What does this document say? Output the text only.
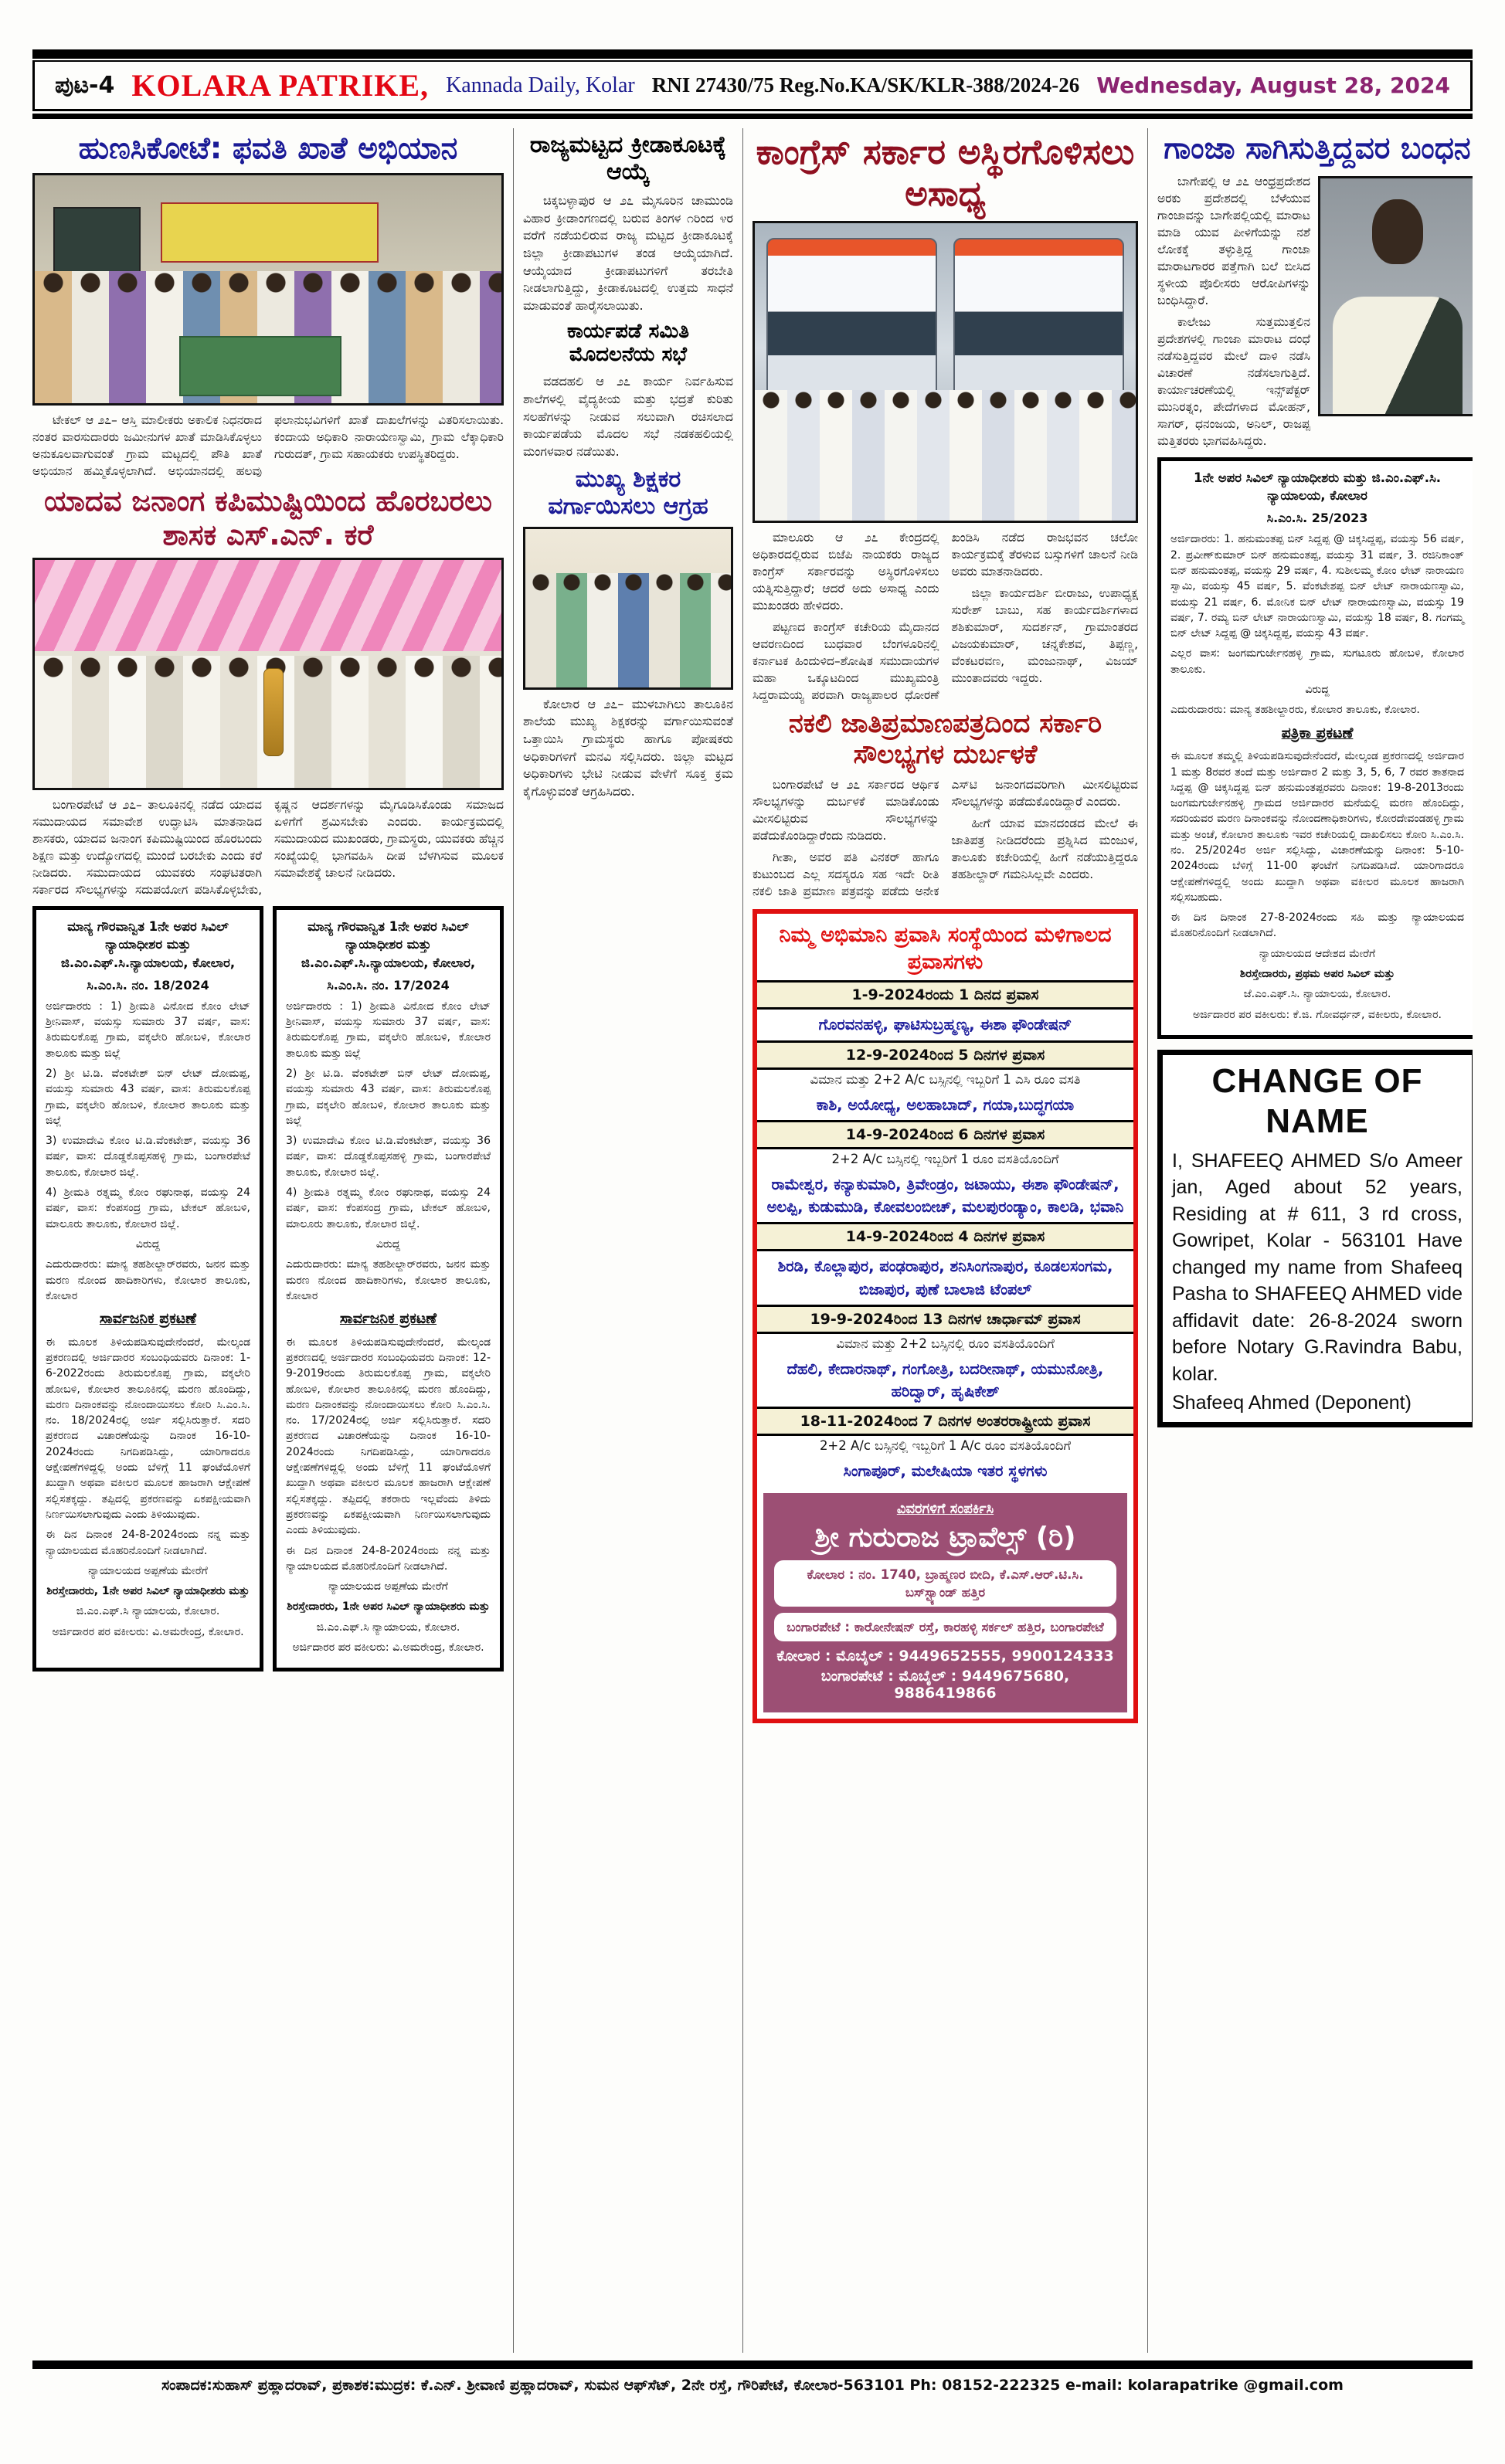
ಪುಟ-4 KOLARA PATRIKE, Kannada Daily, Kolar RNI 27430/75 Reg.No.KA/SK/KLR-388/2024-26 Wednesday, August 28, 2024
ಹುಣಸಿಕೋಟೆ: ಫವತಿ ಖಾತೆ ಅಭಿಯಾನ

ಟೇಕಲ್ ಆ ೨೭– ಆಸ್ತಿ ಮಾಲೀಕರು ಅಕಾಲಿಕ ನಿಧನರಾದ ನಂತರ ವಾರಸುದಾರರು ಜಮೀನುಗಳ ಖಾತೆ ಮಾಡಿಸಿಕೊಳ್ಳಲು ಅನುಕೂಲವಾಗುವಂತೆ ಗ್ರಾಮ ಮಟ್ಟದಲ್ಲಿ ಪೌತಿ ಖಾತೆ ಅಭಿಯಾನ ಹಮ್ಮಿಕೊಳ್ಳಲಾಗಿದೆ. ಅಭಿಯಾನದಲ್ಲಿ ಹಲವು ಫಲಾನುಭವಿಗಳಿಗೆ ಖಾತೆ ದಾಖಲೆಗಳನ್ನು ವಿತರಿಸಲಾಯಿತು. ಕಂದಾಯ ಅಧಿಕಾರಿ ನಾರಾಯಣಸ್ವಾಮಿ, ಗ್ರಾಮ ಲೆಕ್ಕಾಧಿಕಾರಿ ಗುರುದತ್, ಗ್ರಾಮ ಸಹಾಯಕರು ಉಪಸ್ಥಿತರಿದ್ದರು.

ಯಾದವ ಜನಾಂಗ ಕಪಿಮುಷ್ಟಿಯಿಂದ ಹೊರಬರಲು ಶಾಸಕ ಎಸ್.ಎನ್. ಕರೆ

ಬಂಗಾರಪೇಟೆ ಆ ೨೭– ತಾಲೂಕಿನಲ್ಲಿ ನಡೆದ ಯಾದವ ಸಮುದಾಯದ ಸಮಾವೇಶ ಉದ್ಘಾಟಿಸಿ ಮಾತನಾಡಿದ ಶಾಸಕರು, ಯಾದವ ಜನಾಂಗ ಕಪಿಮುಷ್ಟಿಯಿಂದ ಹೊರಬಂದು ಶಿಕ್ಷಣ ಮತ್ತು ಉದ್ಯೋಗದಲ್ಲಿ ಮುಂದೆ ಬರಬೇಕು ಎಂದು ಕರೆ ನೀಡಿದರು. ಸಮುದಾಯದ ಯುವಕರು ಸಂಘಟಿತರಾಗಿ ಸರ್ಕಾರದ ಸೌಲಭ್ಯಗಳನ್ನು ಸದುಪಯೋಗ ಪಡಿಸಿಕೊಳ್ಳಬೇಕು, ಕೃಷ್ಣನ ಆದರ್ಶಗಳನ್ನು ಮೈಗೂಡಿಸಿಕೊಂಡು ಸಮಾಜದ ಏಳಿಗೆಗೆ ಶ್ರಮಿಸಬೇಕು ಎಂದರು. ಕಾರ್ಯಕ್ರಮದಲ್ಲಿ ಸಮುದಾಯದ ಮುಖಂಡರು, ಗ್ರಾಮಸ್ಥರು, ಯುವಕರು ಹೆಚ್ಚಿನ ಸಂಖ್ಯೆಯಲ್ಲಿ ಭಾಗವಹಿಸಿ ದೀಪ ಬೆಳಗಿಸುವ ಮೂಲಕ ಸಮಾವೇಶಕ್ಕೆ ಚಾಲನೆ ನೀಡಿದರು.

ಮಾನ್ಯ ಗೌರವಾನ್ವಿತ 1ನೇ ಅಪರ ಸಿವಿಲ್ ನ್ಯಾಯಾಧೀಶರ ಮತ್ತು ಜಿ.ಎಂ.ಎಫ್.ಸಿ.ನ್ಯಾಯಾಲಯ, ಕೋಲಾರ,

ಸಿ.ಎಂ.ಸಿ. ನಂ. 18/2024

ಅರ್ಜಿದಾರರು : 1) ಶ್ರೀಮತಿ ವಿನೋದ ಕೋಂ ಲೇಟ್ ಶ್ರೀನಿವಾಸ್, ವಯಸ್ಸು ಸುಮಾರು 37 ವರ್ಷ, ವಾಸ: ತಿರುಮಲಕೊಪ್ಪ ಗ್ರಾಮ, ವಕ್ಕಲೇರಿ ಹೋಬಳಿ, ಕೋಲಾರ ತಾಲೂಕು ಮತ್ತು ಜಿಲ್ಲೆ

2) ಶ್ರೀ ಟಿ.ಡಿ. ವೆಂಕಟೇಶ್ ಬಿನ್ ಲೇಟ್ ದೋಮಪ್ಪ, ವಯಸ್ಸು ಸುಮಾರು 43 ವರ್ಷ, ವಾಸ: ತಿರುಮಲಕೊಪ್ಪ ಗ್ರಾಮ, ವಕ್ಕಲೇರಿ ಹೋಬಳಿ, ಕೋಲಾರ ತಾಲೂಕು ಮತ್ತು ಜಿಲ್ಲೆ

3) ಉಮಾದೇವಿ ಕೋಂ ಟಿ.ಡಿ.ವೆಂಕಟೇಶ್, ವಯಸ್ಸು 36 ವರ್ಷ, ವಾಸ: ದೊಡ್ಡಕೊಪ್ಪಸಹಳ್ಳಿ ಗ್ರಾಮ, ಬಂಗಾರಪೇಟೆ ತಾಲೂಕು, ಕೋಲಾರ ಜಿಲ್ಲೆ.

4) ಶ್ರೀಮತಿ ರತ್ನಮ್ಮ ಕೋಂ ರಘುನಾಥ, ವಯಸ್ಸು 24 ವರ್ಷ, ವಾಸ: ಕೆಂಪಸಂದ್ರ ಗ್ರಾಮ, ಟೇಕಲ್ ಹೋಬಳಿ, ಮಾಲೂರು ತಾಲೂಕು, ಕೋಲಾರ ಜಿಲ್ಲೆ.

ವಿರುದ್ದ

ಎದುರುದಾರರು: ಮಾನ್ಯ ತಹಶೀಲ್ದಾರ್‌ರವರು, ಜನನ ಮತ್ತು ಮರಣ ನೋಂದ ಹಾದಿಕಾರಿಗಳು, ಕೋಲಾರ ತಾಲೂಕು, ಕೋಲಾರ

ಸಾರ್ವಜನಿಕ ಪ್ರಕಟಣೆ

ಈ ಮೂಲಕ ತಿಳಿಯಪಡಿಸುವುದೇನೆಂದರೆ, ಮೇಲ್ಕಂಡ ಪ್ರಕರಣದಲ್ಲಿ ಅರ್ಜಿದಾರರ ಸಂಬಂಧಿಯವರು ದಿನಾಂಕ: 1-6-2022ರಂದು ತಿರುಮಲಕೊಪ್ಪ ಗ್ರಾಮ, ವಕ್ಕಲೇರಿ ಹೋಬಳಿ, ಕೋಲಾರ ತಾಲೂಕಿನಲ್ಲಿ ಮರಣ ಹೊಂದಿದ್ದು, ಮರಣ ದಿನಾಂಕವನ್ನು ನೋಂದಾಯಿಸಲು ಕೋರಿ ಸಿ.ಎಂ.ಸಿ. ನಂ. 18/2024ರಲ್ಲಿ ಅರ್ಜಿ ಸಲ್ಲಿಸಿರುತ್ತಾರೆ. ಸದರಿ ಪ್ರಕರಣದ ವಿಚಾರಣೆಯನ್ನು ದಿನಾಂಕ 16-10-2024ರಂದು ನಿಗದಿಪಡಿಸಿದ್ದು, ಯಾರಿಗಾದರೂ ಆಕ್ಷೇಪಣೆಗಳಿದ್ದಲ್ಲಿ ಅಂದು ಬೆಳಿಗ್ಗೆ 11 ಘಂಟೆಯೊಳಗೆ ಖುದ್ದಾಗಿ ಅಥವಾ ವಕೀಲರ ಮೂಲಕ ಹಾಜರಾಗಿ ಆಕ್ಷೇಪಣೆ ಸಲ್ಲಿಸತಕ್ಕದ್ದು. ತಪ್ಪಿದಲ್ಲಿ ಪ್ರಕರಣವನ್ನು ಏಕಪಕ್ಷೀಯವಾಗಿ ನಿರ್ಣಯಿಸಲಾಗುವುದು ಎಂದು ತಿಳಿಯುವುದು.

ಈ ದಿನ ದಿನಾಂಕ 24-8-2024ರಂದು ನನ್ನ ಮತ್ತು ನ್ಯಾಯಾಲಯದ ಮೊಹರಿನೊಂದಿಗೆ ನೀಡಲಾಗಿದೆ.

ನ್ಯಾಯಾಲಯದ ಅಪ್ಪಣೆಯ ಮೇರೆಗೆ

ಶಿರಸ್ತೇದಾರರು, 1ನೇ ಅಪರ ಸಿವಿಲ್ ನ್ಯಾಯಾಧೀಶರು ಮತ್ತು

ಜಿ.ಎಂ.ಎಫ್.ಸಿ ನ್ಯಾಯಾಲಯ, ಕೋಲಾರ.

ಅರ್ಜಿದಾರರ ಪರ ವಕೀಲರು: ವಿ.ಅಮರೇಂದ್ರ, ಕೋಲಾರ.

ಮಾನ್ಯ ಗೌರವಾನ್ವಿತ 1ನೇ ಅಪರ ಸಿವಿಲ್ ನ್ಯಾಯಾಧೀಶರ ಮತ್ತು ಜಿ.ಎಂ.ಎಫ್.ಸಿ.ನ್ಯಾಯಾಲಯ, ಕೋಲಾರ,

ಸಿ.ಎಂ.ಸಿ. ನಂ. 17/2024

ಅರ್ಜಿದಾರರು : 1) ಶ್ರೀಮತಿ ವಿನೋದ ಕೋಂ ಲೇಟ್ ಶ್ರೀನಿವಾಸ್, ವಯಸ್ಸು ಸುಮಾರು 37 ವರ್ಷ, ವಾಸ: ತಿರುಮಲಕೊಪ್ಪ ಗ್ರಾಮ, ವಕ್ಕಲೇರಿ ಹೋಬಳಿ, ಕೋಲಾರ ತಾಲೂಕು ಮತ್ತು ಜಿಲ್ಲೆ

2) ಶ್ರೀ ಟಿ.ಡಿ. ವೆಂಕಟೇಶ್ ಬಿನ್ ಲೇಟ್ ದೋಮಪ್ಪ, ವಯಸ್ಸು ಸುಮಾರು 43 ವರ್ಷ, ವಾಸ: ತಿರುಮಲಕೊಪ್ಪ ಗ್ರಾಮ, ವಕ್ಕಲೇರಿ ಹೋಬಳಿ, ಕೋಲಾರ ತಾಲೂಕು ಮತ್ತು ಜಿಲ್ಲೆ

3) ಉಮಾದೇವಿ ಕೋಂ ಟಿ.ಡಿ.ವೆಂಕಟೇಶ್, ವಯಸ್ಸು 36 ವರ್ಷ, ವಾಸ: ದೊಡ್ಡಕೊಪ್ಪಸಹಳ್ಳಿ ಗ್ರಾಮ, ಬಂಗಾರಪೇಟೆ ತಾಲೂಕು, ಕೋಲಾರ ಜಿಲ್ಲೆ.

4) ಶ್ರೀಮತಿ ರತ್ನಮ್ಮ ಕೋಂ ರಘುನಾಥ, ವಯಸ್ಸು 24 ವರ್ಷ, ವಾಸ: ಕೆಂಪಸಂದ್ರ ಗ್ರಾಮ, ಟೇಕಲ್ ಹೋಬಳಿ, ಮಾಲೂರು ತಾಲೂಕು, ಕೋಲಾರ ಜಿಲ್ಲೆ.

ವಿರುದ್ದ

ಎದುರುದಾರರು: ಮಾನ್ಯ ತಹಶೀಲ್ದಾರ್‌ರವರು, ಜನನ ಮತ್ತು ಮರಣ ನೋಂದ ಹಾದಿಕಾರಿಗಳು, ಕೋಲಾರ ತಾಲೂಕು, ಕೋಲಾರ

ಸಾರ್ವಜನಿಕ ಪ್ರಕಟಣೆ

ಈ ಮೂಲಕ ತಿಳಿಯಪಡಿಸುವುದೇನೆಂದರೆ, ಮೇಲ್ಕಂಡ ಪ್ರಕರಣದಲ್ಲಿ ಅರ್ಜಿದಾರರ ಸಂಬಂಧಿಯವರು ದಿನಾಂಕ: 12-9-2019ರಂದು ತಿರುಮಲಕೊಪ್ಪ ಗ್ರಾಮ, ವಕ್ಕಲೇರಿ ಹೋಬಳಿ, ಕೋಲಾರ ತಾಲೂಕಿನಲ್ಲಿ ಮರಣ ಹೊಂದಿದ್ದು, ಮರಣ ದಿನಾಂಕವನ್ನು ನೋಂದಾಯಿಸಲು ಕೋರಿ ಸಿ.ಎಂ.ಸಿ. ನಂ. 17/2024ರಲ್ಲಿ ಅರ್ಜಿ ಸಲ್ಲಿಸಿರುತ್ತಾರೆ. ಸದರಿ ಪ್ರಕರಣದ ವಿಚಾರಣೆಯನ್ನು ದಿನಾಂಕ 16-10-2024ರಂದು ನಿಗದಿಪಡಿಸಿದ್ದು, ಯಾರಿಗಾದರೂ ಆಕ್ಷೇಪಣೆಗಳಿದ್ದಲ್ಲಿ ಅಂದು ಬೆಳಿಗ್ಗೆ 11 ಘಂಟೆಯೊಳಗೆ ಖುದ್ದಾಗಿ ಅಥವಾ ವಕೀಲರ ಮೂಲಕ ಹಾಜರಾಗಿ ಆಕ್ಷೇಪಣೆ ಸಲ್ಲಿಸತಕ್ಕದ್ದು. ತಪ್ಪಿದಲ್ಲಿ ತಕರಾರು ಇಲ್ಲವೆಂದು ತಿಳಿದು ಪ್ರಕರಣವನ್ನು ಏಕಪಕ್ಷೀಯವಾಗಿ ನಿರ್ಣಯಿಸಲಾಗುವುದು ಎಂದು ತಿಳಿಯುವುದು.

ಈ ದಿನ ದಿನಾಂಕ 24-8-2024ರಂದು ನನ್ನ ಮತ್ತು ನ್ಯಾಯಾಲಯದ ಮೊಹರಿನೊಂದಿಗೆ ನೀಡಲಾಗಿದೆ.

ನ್ಯಾಯಾಲಯದ ಅಪ್ಪಣೆಯ ಮೇರೆಗೆ

ಶಿರಸ್ತೇದಾರರು, 1ನೇ ಅಪರ ಸಿವಿಲ್ ನ್ಯಾಯಾಧೀಶರು ಮತ್ತು

ಜಿ.ಎಂ.ಎಫ್.ಸಿ ನ್ಯಾಯಾಲಯ, ಕೋಲಾರ.

ಅರ್ಜಿದಾರರ ಪರ ವಕೀಲರು: ವಿ.ಅಮರೇಂದ್ರ, ಕೋಲಾರ.

ರಾಜ್ಯಮಟ್ಟದ ಕ್ರೀಡಾಕೂಟಕ್ಕೆ ಆಯ್ಕೆ

ಚಿಕ್ಕಬಳ್ಳಾಪುರ ಆ ೨೭ ಮೈಸೂರಿನ ಚಾಮುಂಡಿ ವಿಹಾರ ಕ್ರೀಡಾಂಗಣದಲ್ಲಿ ಬರುವ ತಿಂಗಳ ೧ರಿಂದ ೪ರ ವರೆಗೆ ನಡೆಯಲಿರುವ ರಾಜ್ಯ ಮಟ್ಟದ ಕ್ರೀಡಾಕೂಟಕ್ಕೆ ಜಿಲ್ಲಾ ಕ್ರೀಡಾಪಟುಗಳ ತಂಡ ಆಯ್ಕೆಯಾಗಿದೆ. ಆಯ್ಕೆಯಾದ ಕ್ರೀಡಾಪಟುಗಳಿಗೆ ತರಬೇತಿ ನೀಡಲಾಗುತ್ತಿದ್ದು, ಕ್ರೀಡಾಕೂಟದಲ್ಲಿ ಉತ್ತಮ ಸಾಧನೆ ಮಾಡುವಂತೆ ಹಾರೈಸಲಾಯಿತು.

ಕಾರ್ಯಪಡೆ ಸಮಿತಿ ಮೊದಲನೆಯ ಸಭೆ

ವಡದಹಲಿ ಆ ೨೭ ಕಾರ್ಯ ನಿರ್ವಹಿಸುವ ಶಾಲೆಗಳಲ್ಲಿ ವೈದ್ಯಕೀಯ ಮತ್ತು ಭದ್ರತೆ ಕುರಿತು ಸಲಹೆಗಳನ್ನು ನೀಡುವ ಸಲುವಾಗಿ ರಚಿಸಲಾದ ಕಾರ್ಯಪಡೆಯ ಮೊದಲ ಸಭೆ ನಡಕಹಲಿಯಲ್ಲಿ ಮಂಗಳವಾರ ನಡೆಯಿತು.

ಮುಖ್ಯ ಶಿಕ್ಷಕರ ವರ್ಗಾಯಿಸಲು ಆಗ್ರಹ

ಕೋಲಾರ ಆ ೨೭– ಮುಳಬಾಗಿಲು ತಾಲೂಕಿನ ಶಾಲೆಯ ಮುಖ್ಯ ಶಿಕ್ಷಕರನ್ನು ವರ್ಗಾಯಿಸುವಂತೆ ಒತ್ತಾಯಿಸಿ ಗ್ರಾಮಸ್ಥರು ಹಾಗೂ ಪೋಷಕರು ಅಧಿಕಾರಿಗಳಿಗೆ ಮನವಿ ಸಲ್ಲಿಸಿದರು. ಜಿಲ್ಲಾ ಮಟ್ಟದ ಅಧಿಕಾರಿಗಳು ಭೇಟಿ ನೀಡುವ ವೇಳೆಗೆ ಸೂಕ್ತ ಕ್ರಮ ಕೈಗೊಳ್ಳುವಂತೆ ಆಗ್ರಹಿಸಿದರು.

ಕಾಂಗ್ರೆಸ್ ಸರ್ಕಾರ ಅಸ್ಥಿರಗೊಳಿಸಲು ಅಸಾಧ್ಯ

ಮಾಲೂರು ಆ ೨೭ ಕೇಂದ್ರದಲ್ಲಿ ಅಧಿಕಾರದಲ್ಲಿರುವ ಬಿಜೆಪಿ ನಾಯಕರು ರಾಜ್ಯದ ಕಾಂಗ್ರೆಸ್ ಸರ್ಕಾರವನ್ನು ಅಸ್ಥಿರಗೊಳಿಸಲು ಯತ್ನಿಸುತ್ತಿದ್ದಾರೆ; ಆದರೆ ಅದು ಅಸಾಧ್ಯ ಎಂದು ಮುಖಂಡರು ಹೇಳಿದರು.

ಪಟ್ಟಣದ ಕಾಂಗ್ರೆಸ್ ಕಚೇರಿಯ ಮೈದಾನದ ಆವರಣದಿಂದ ಬುಧವಾರ ಬೆಂಗಳೂರಿನಲ್ಲಿ ಕರ್ನಾಟಕ ಹಿಂದುಳಿದ–ಶೋಷಿತ ಸಮುದಾಯಗಳ ಮಹಾ ಒಕ್ಕೂಟದಿಂದ ಮುಖ್ಯಮಂತ್ರಿ ಸಿದ್ದರಾಮಯ್ಯ ಪರವಾಗಿ ರಾಜ್ಯಪಾಲರ ಧೋರಣೆ ಖಂಡಿಸಿ ನಡೆದ ರಾಜಭವನ ಚಲೋ ಕಾರ್ಯಕ್ರಮಕ್ಕೆ ತೆರಳುವ ಬಸ್ಸುಗಳಿಗೆ ಚಾಲನೆ ನೀಡಿ ಅವರು ಮಾತನಾಡಿದರು.

ಜಿಲ್ಲಾ ಕಾರ್ಯದರ್ಶಿ ಬೀರಾಜು, ಉಪಾಧ್ಯಕ್ಷ ಸುರೇಶ್ ಬಾಬು, ಸಹ ಕಾರ್ಯದರ್ಶಿಗಳಾದ ಶಶಿಕುಮಾರ್, ಸುದರ್ಶನ್, ಗ್ರಾಮಾಂತರದ ವಿಜಯಕುಮಾರ್, ಚನ್ನಕೇಶವ, ತಿಪ್ಪಣ್ಣ, ವೆಂಕಟರವಣ, ಮಂಜುನಾಥ್, ವಿಜಯ್ ಮುಂತಾದವರು ಇದ್ದರು.

ನಕಲಿ ಜಾತಿಪ್ರಮಾಣಪತ್ರದಿಂದ ಸರ್ಕಾರಿ ಸೌಲಭ್ಯಗಳ ದುರ್ಬಳಕೆ

ಬಂಗಾರಪೇಟೆ ಆ ೨೭ ಸರ್ಕಾರದ ಆರ್ಥಿಕ ಸೌಲಭ್ಯಗಳನ್ನು ದುರ್ಬಳಕೆ ಮಾಡಿಕೊಂಡು ಮೀಸಲಿಟ್ಟಿರುವ ಸೌಲಭ್ಯಗಳನ್ನು ಪಡೆದುಕೊಂಡಿದ್ದಾರೆಂದು ನುಡಿದರು.

ಗೀತಾ, ಅವರ ಪತಿ ವಿನಕರ್ ಹಾಗೂ ಕುಟುಂಬದ ಎಲ್ಲ ಸದಸ್ಯರೂ ಸಹ ಇದೇ ರೀತಿ ನಕಲಿ ಜಾತಿ ಪ್ರಮಾಣ ಪತ್ರವನ್ನು ಪಡೆದು ಅನೇಕ ಎಸ್‌ಟಿ ಜನಾಂಗದವರಿಗಾಗಿ ಮೀಸಲಿಟ್ಟಿರುವ ಸೌಲಭ್ಯಗಳನ್ನು ಪಡೆದುಕೊಂಡಿದ್ದಾರೆ ಎಂದರು.

ಹೀಗೆ ಯಾವ ಮಾನದಂಡದ ಮೇಲೆ ಈ ಜಾತಿಪತ್ರ ನೀಡಿದರೆಂದು ಪ್ರಶ್ನಿಸಿದ ಮಂಜುಳ, ತಾಲೂಕು ಕಚೇರಿಯಲ್ಲಿ ಹೀಗೆ ನಡೆಯುತ್ತಿದ್ದರೂ ತಹಶೀಲ್ದಾರ್ ಗಮನಿಸಿಲ್ಲವೇ ಎಂದರು.

ನಿಮ್ಮ ಅಭಿಮಾನಿ ಪ್ರವಾಸಿ ಸಂಸ್ಥೆಯಿಂದ ಮಳಿಗಾಲದ ಪ್ರವಾಸಗಳು
1-9-2024ರಂದು 1 ದಿನದ ಪ್ರವಾಸ
ಗೊರವನಹಳ್ಳಿ, ಘಾಟಿಸುಬ್ರಹ್ಮಣ್ಯ, ಈಶಾ ಫೌಂಡೇಷನ್
12-9-2024ರಿಂದ 5 ದಿನಗಳ ಪ್ರವಾಸ
ವಿಮಾನ ಮತ್ತು 2+2 A/c ಬಸ್ಸಿನಲ್ಲಿ ಇಬ್ಬರಿಗೆ 1 ಎಸಿ ರೂಂ ವಸತಿ
ಕಾಶಿ, ಅಯೋಧ್ಯ, ಅಲಹಾಬಾದ್, ಗಯಾ,ಬುದ್ಧಗಯಾ
14-9-2024ರಿಂದ 6 ದಿನಗಳ ಪ್ರವಾಸ
2+2 A/c ಬಸ್ಸಿನಲ್ಲಿ ಇಬ್ಬರಿಗೆ 1 ರೂಂ ವಸತಿಯೊಂದಿಗೆ
ರಾಮೇಶ್ವರ, ಕನ್ಯಾಕುಮಾರಿ, ತ್ರಿವೇಂಡ್ರಂ, ಜಟಾಯು, ಈಶಾ ಫೌಂಡೇಷನ್, ಅಲಪ್ಪಿ, ಕುಡುಮುಡಿ, ಕೋವಲಂಬೀಚ್, ಮಲಪುರಂಡ್ಯಾಂ, ಕಾಲಡಿ, ಭವಾನಿ
14-9-2024ರಿಂದ 4 ದಿನಗಳ ಪ್ರವಾಸ
ಶಿರಡಿ, ಕೊಲ್ಲಾಪುರ, ಪಂಢರಾಪುರ, ಶನಿಸಿಂಗನಾಪುರ, ಕೂಡಲಸಂಗಮ, ಬಿಜಾಪುರ, ಪುಣೆ ಬಾಲಾಜಿ ಟೆಂಪಲ್
19-9-2024ರಿಂದ 13 ದಿನಗಳ ಚಾರ್ಧಾಮ್ ಪ್ರವಾಸ
ವಿಮಾನ ಮತ್ತು 2+2 ಬಸ್ಸಿನಲ್ಲಿ ರೂಂ ವಸತಿಯೊಂದಿಗೆ
ದೆಹಲಿ, ಕೇದಾರನಾಥ್, ಗಂಗೋತ್ರಿ, ಬದರೀನಾಥ್, ಯಮುನೋತ್ರಿ, ಹರಿದ್ವಾರ್, ಹೃಷಿಕೇಶ್
18-11-2024ರಿಂದ 7 ದಿನಗಳ ಅಂತರರಾಷ್ಟ್ರೀಯ ಪ್ರವಾಸ
2+2 A/c ಬಸ್ಸಿನಲ್ಲಿ ಇಬ್ಬರಿಗೆ 1 A/c ರೂಂ ವಸತಿಯೊಂದಿಗೆ
ಸಿಂಗಾಪೂರ್, ಮಲೇಷಿಯಾ ಇತರ ಸ್ಥಳಗಳು

ವಿವರಗಳಿಗೆ ಸಂಪರ್ಕಿಸಿ

ಶ್ರೀ ಗುರುರಾಜ ಟ್ರಾವೆಲ್ಸ್ (ರಿ)
ಕೋಲಾರ : ನಂ. 1740, ಬ್ರಾಹ್ಮಣರ ಬೀದಿ, ಕೆ.ಎಸ್.ಆರ್.ಟಿ.ಸಿ. ಬಸ್‌ಸ್ಟ್ಯಾಂಡ್ ಹತ್ತಿರ
ಬಂಗಾರಪೇಟೆ : ಕಾರೋನೇಷನ್ ರಸ್ತೆ, ಕಾರಹಳ್ಳಿ ಸರ್ಕಲ್ ಹತ್ತಿರ, ಬಂಗಾರಪೇಟೆ
ಕೋಲಾರ : ಮೊಬೈಲ್ : 9449652555, 9900124333
ಬಂಗಾರಪೇಟೆ : ಮೊಬೈಲ್ : 9449675680, 9886419866
ಗಾಂಜಾ ಸಾಗಿಸುತ್ತಿದ್ದವರ ಬಂಧನ

ಬಾಗೇಪಲ್ಲಿ ಆ ೨೭ ಆಂಧ್ರಪ್ರದೇಶದ ಅರಕು ಪ್ರದೇಶದಲ್ಲಿ ಬೆಳೆಯುವ ಗಾಂಜಾವನ್ನು ಬಾಗೇಪಲ್ಲಿಯಲ್ಲಿ ಮಾರಾಟ ಮಾಡಿ ಯುವ ಪೀಳಿಗೆಯನ್ನು ನಶೆ ಲೋಕಕ್ಕೆ ತಳ್ಳುತ್ತಿದ್ದ ಗಾಂಜಾ ಮಾರಾಟಗಾರರ ಪತ್ತೆಗಾಗಿ ಬಲೆ ಬೀಸಿದ ಸ್ಥಳೀಯ ಪೊಲೀಸರು ಆರೋಪಿಗಳನ್ನು ಬಂಧಿಸಿದ್ದಾರೆ.

ಕಾಲೇಜು ಸುತ್ತಮುತ್ತಲಿನ ಪ್ರದೇಶಗಳಲ್ಲಿ ಗಾಂಜಾ ಮಾರಾಟ ದಂಧೆ ನಡೆಸುತ್ತಿದ್ದವರ ಮೇಲೆ ದಾಳಿ ನಡೆಸಿ ವಿಚಾರಣೆ ನಡೆಸಲಾಗುತ್ತಿದೆ. ಕಾರ್ಯಾಚರಣೆಯಲ್ಲಿ ಇನ್ಸ್‌ಪೆಕ್ಟರ್ ಮುನಿರತ್ನಂ, ಪೇದೆಗಳಾದ ಮೋಹನ್, ಸಾಗರ್, ಧನಂಜಯ, ಅನಿಲ್, ರಾಜಪ್ಪ ಮತ್ತಿತರರು ಭಾಗವಹಿಸಿದ್ದರು.

1ನೇ ಅಪರ ಸಿವಿಲ್ ನ್ಯಾಯಾಧೀಶರು ಮತ್ತು ಜಿ.ಎಂ.ಎಫ್.ಸಿ. ನ್ಯಾಯಾಲಯ, ಕೋಲಾರ

ಸಿ.ಎಂ.ಸಿ. 25/2023

ಅರ್ಜಿದಾರರು: 1. ಹನುಮಂತಪ್ಪ ಬಿನ್ ಸಿದ್ದಪ್ಪ @ ಚಿಕ್ಕಸಿದ್ದಪ್ಪ, ವಯಸ್ಸು 56 ವರ್ಷ, 2. ಪ್ರವೀಣ್‌ಕುಮಾರ್ ಬಿನ್ ಹನುಮಂತಪ್ಪ, ವಯಸ್ಸು 31 ವರ್ಷ, 3. ರಜಿನಿಕಾಂತ್ ಬಿನ್ ಹನುಮಂತಪ್ಪ, ವಯಸ್ಸು 29 ವರ್ಷ, 4. ಸುಶೀಲಮ್ಮ ಕೋಂ ಲೇಟ್ ನಾರಾಯಣ ಸ್ವಾಮಿ, ವಯಸ್ಸು 45 ವರ್ಷ, 5. ವೆಂಕಟೇಶಪ್ಪ ಬಿನ್ ಲೇಟ್ ನಾರಾಯಣಸ್ವಾಮಿ, ವಯಸ್ಸು 21 ವರ್ಷ, 6. ಮೋನಿಕ ಬಿನ್ ಲೇಟ್ ನಾರಾಯಣಸ್ವಾಮಿ, ವಯಸ್ಸು 19 ವರ್ಷ, 7. ರಮ್ಯ ಬಿನ್ ಲೇಟ್ ನಾರಾಯಣಸ್ವಾಮಿ, ವಯಸ್ಸು 18 ವರ್ಷ, 8. ಗಂಗಮ್ಮ ಬಿನ್ ಲೇಟ್ ಸಿದ್ದಪ್ಪ @ ಚಿಕ್ಕಸಿದ್ದಪ್ಪ, ವಯಸ್ಸು 43 ವರ್ಷ.

ಎಲ್ಲರ ವಾಸ: ಜಂಗಮಗುರ್ಜೇನಹಳ್ಳಿ ಗ್ರಾಮ, ಸುಗಟೂರು ಹೋಬಳಿ, ಕೋಲಾರ ತಾಲೂಕು.

ವಿರುದ್ದ

ಎದುರುದಾರರು: ಮಾನ್ಯ ತಹಶೀಲ್ದಾರರು, ಕೋಲಾರ ತಾಲೂಕು, ಕೋಲಾರ.

ಪತ್ರಿಕಾ ಪ್ರಕಟಣೆ

ಈ ಮೂಲಕ ತಮ್ಮಲ್ಲಿ ತಿಳಿಯಪಡಿಸುವುದೇನೆಂದರೆ, ಮೇಲ್ಕಂಡ ಪ್ರಕರಣದಲ್ಲಿ ಅರ್ಜಿದಾರ 1 ಮತ್ತು 8ರವರ ತಂದೆ ಮತ್ತು ಅರ್ಜಿದಾರ 2 ಮತ್ತು 3, 5, 6, 7 ರವರ ತಾತನಾದ ಸಿದ್ದಪ್ಪ @ ಚಿಕ್ಕಸಿದ್ದಪ್ಪ ಬಿನ್ ಹನುಮಂತಪ್ಪರವರು ದಿನಾಂಕ: 19-8-2013ರಂದು ಜಂಗಮಗುರ್ಜೇನಹಳ್ಳಿ ಗ್ರಾಮದ ಅರ್ಜಿದಾರರ ಮನೆಯಲ್ಲಿ ಮರಣ ಹೊಂದಿದ್ದು, ಸದರಿಯವರ ಮರಣ ದಿನಾಂಕವನ್ನು ನೋಂದಣಾಧಿಕಾರಿಗಳು, ಕೋರದೇವಂಡಹಳ್ಳಿ ಗ್ರಾಮ ಮತ್ತು ಅಂಚೆ, ಕೋಲಾರ ತಾಲೂಕು ಇವರ ಕಚೇರಿಯಲ್ಲಿ ದಾಖಲಿಸಲು ಕೋರಿ ಸಿ.ಎಂ.ಸಿ. ನಂ. 25/2024ರ ಅರ್ಜಿ ಸಲ್ಲಿಸಿದ್ದು, ವಿಚಾರಣೆಯನ್ನು ದಿನಾಂಕ: 5-10-2024ರಂದು ಬೆಳಿಗ್ಗೆ 11-00 ಘಂಟೆಗೆ ನಿಗದಿಪಡಿಸಿದೆ. ಯಾರಿಗಾದರೂ ಆಕ್ಷೇಪಣೆಗಳಿದ್ದಲ್ಲಿ ಅಂದು ಖುದ್ದಾಗಿ ಅಥವಾ ವಕೀಲರ ಮೂಲಕ ಹಾಜರಾಗಿ ಸಲ್ಲಿಸಬಹುದು.

ಈ ದಿನ ದಿನಾಂಕ 27-8-2024ರಂದು ಸಹಿ ಮತ್ತು ನ್ಯಾಯಾಲಯದ ಮೊಹರಿನೊಂದಿಗೆ ನೀಡಲಾಗಿದೆ.

ನ್ಯಾಯಾಲಯದ ಆದೇಶದ ಮೇರೆಗೆ

ಶಿರಸ್ತೇದಾರರು, ಪ್ರಥಮ ಅಪರ ಸಿವಿಲ್ ಮತ್ತು

ಜೆ.ಎಂ.ಎಫ್.ಸಿ. ನ್ಯಾಯಾಲಯ, ಕೋಲಾರ.

ಅರ್ಜಿದಾರರ ಪರ ವಕೀಲರು: ಕೆ.ಜಿ. ಗೋವರ್ಧನ್, ವಕೀಲರು, ಕೋಲಾರ.

CHANGE OF NAME

I, SHAFEEQ AHMED S/o Ameer jan, Aged about 52 years, Residing at # 611, 3 rd cross, Gowripet, Kolar - 563101 Have changed my name from Shafeeq Pasha to SHAFEEQ AHMED vide affidavit date: 26-8-2024 sworn before Notary G.Ravindra Babu, kolar.

Shafeeq Ahmed (Deponent)

ಸಂಪಾದಕ:ಸುಹಾಸ್ ಪ್ರಹ್ಲಾದರಾವ್, ಪ್ರಕಾಶಕ:ಮುದ್ರಕ: ಕೆ.ಎನ್. ಶ್ರೀವಾಣಿ ಪ್ರಹ್ಲಾದರಾವ್, ಸುಮನ ಆಫ್‌ಸೆಟ್, 2ನೇ ರಸ್ತೆ, ಗೌರಿಪೇಟೆ, ಕೋಲಾರ-563101 Ph: 08152-222325 e-mail: kolarapatrike @gmail.com
